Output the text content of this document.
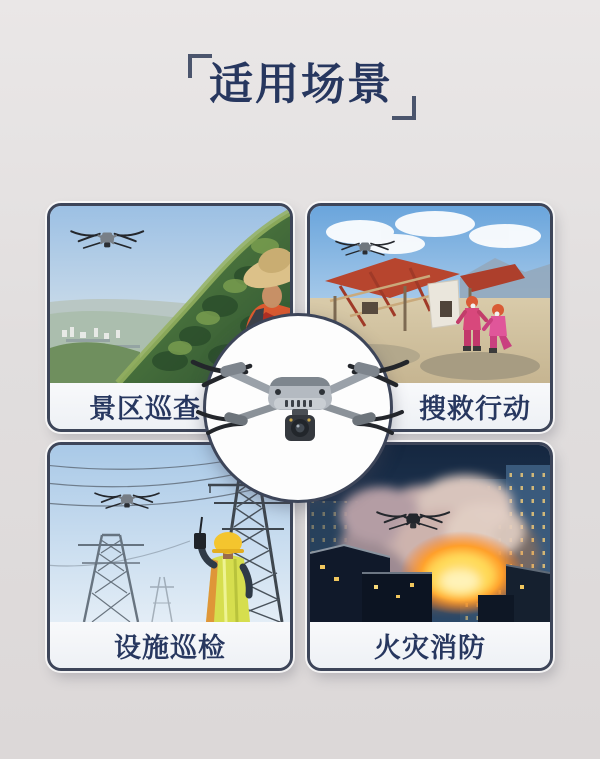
适用场景
景区巡查	搜救行动
设施巡检	火灾消防
